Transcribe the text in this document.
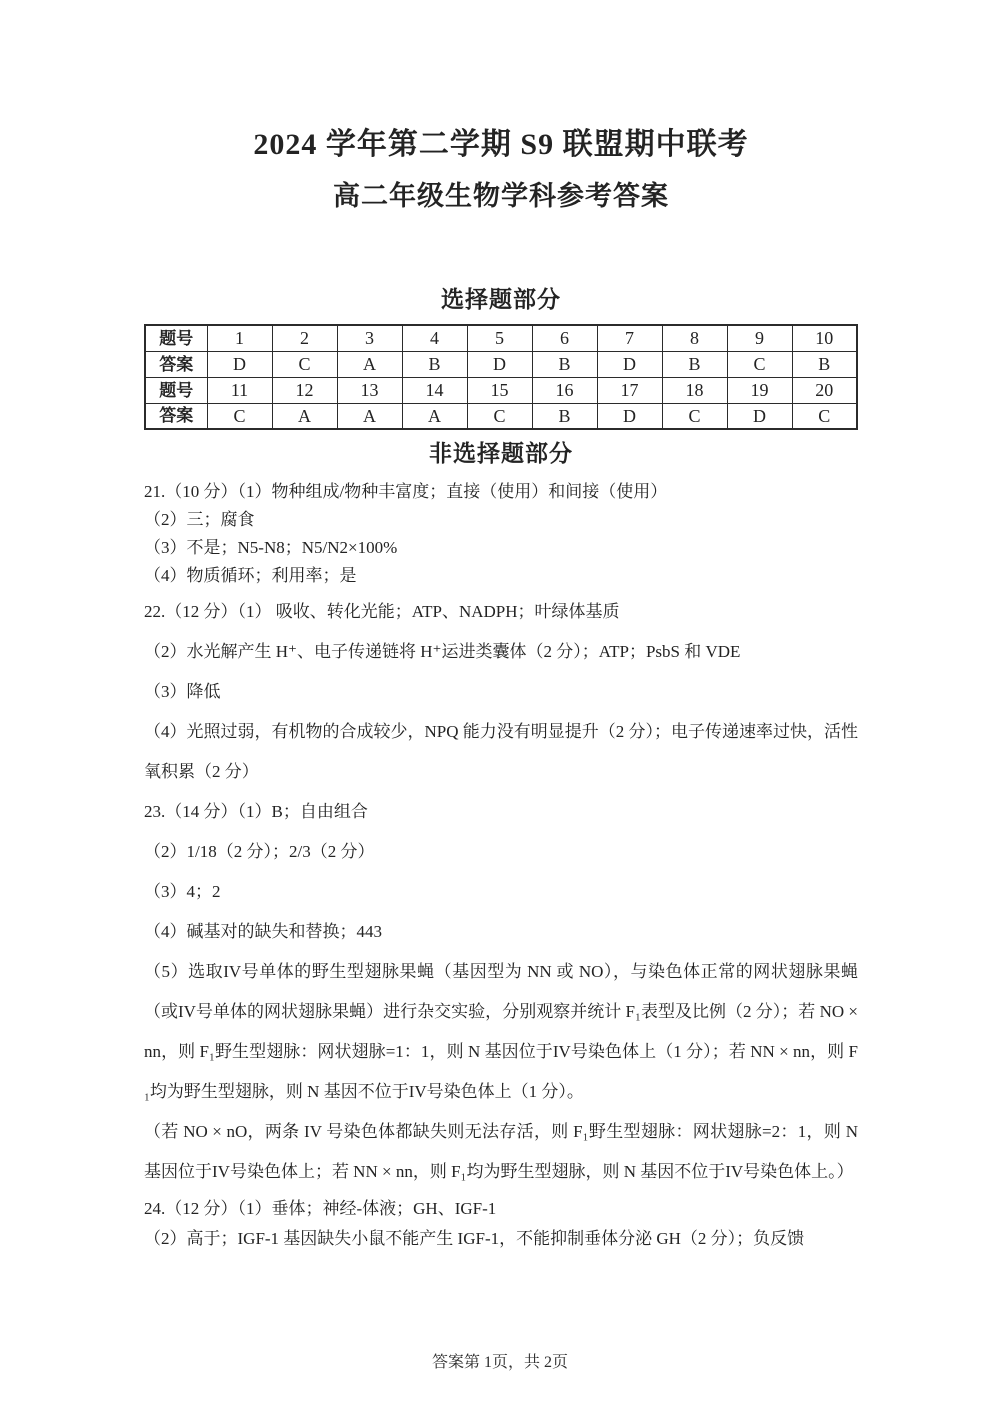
2024 学年第二学期 S9 联盟期中联考
高二年级生物学科参考答案
选择题部分
题号	1	2	3	4	5	6	7	8	9	10
答案	D	C	A	B	D	B	D	B	C	B
题号	11	12	13	14	15	16	17	18	19	20
答案	C	A	A	A	C	B	D	C	D	C
非选择题部分

21.（10 分）（1）物种组成/物种丰富度；直接（使用）和间接（使用）

（2）三；腐食

（3）不是；N5-N8；N5/N2×100%

（4）物质循环；利用率；是

22.（12 分）（1） 吸收、转化光能；ATP、NADPH；叶绿体基质

（2）水光解产生 H⁺、电子传递链将 H⁺运进类囊体（2 分）；ATP；PsbS 和 VDE

（3）降低

（4）光照过弱，有机物的合成较少，NPQ 能力没有明显提升（2 分）；电子传递速率过快，活性氧积累（2 分）

23.（14 分）（1）B；自由组合

（2）1/18（2 分）；2/3（2 分）

（3）4；2

（4）碱基对的缺失和替换；443

（5）选取IV号单体的野生型翅脉果蝇（基因型为 NN 或 NO），与染色体正常的网状翅脉果蝇（或IV号单体的网状翅脉果蝇）进行杂交实验，分别观察并统计 F₁表型及比例（2 分）；若 NO × nn，则 F₁野生型翅脉：网状翅脉=1：1，则 N 基因位于IV号染色体上（1 分）；若 NN × nn，则 F₁均为野生型翅脉，则 N 基因不位于IV号染色体上（1 分）。

（若 NO × nO，两条 IV 号染色体都缺失则无法存活，则 F₁野生型翅脉：网状翅脉=2：1，则 N 基因位于IV号染色体上；若 NN × nn，则 F₁均为野生型翅脉，则 N 基因不位于IV号染色体上。）

24.（12 分）（1）垂体；神经-体液；GH、IGF-1

（2）高于；IGF-1 基因缺失小鼠不能产生 IGF-1，不能抑制垂体分泌 GH（2 分）；负反馈

答案第 1页，共 2页
